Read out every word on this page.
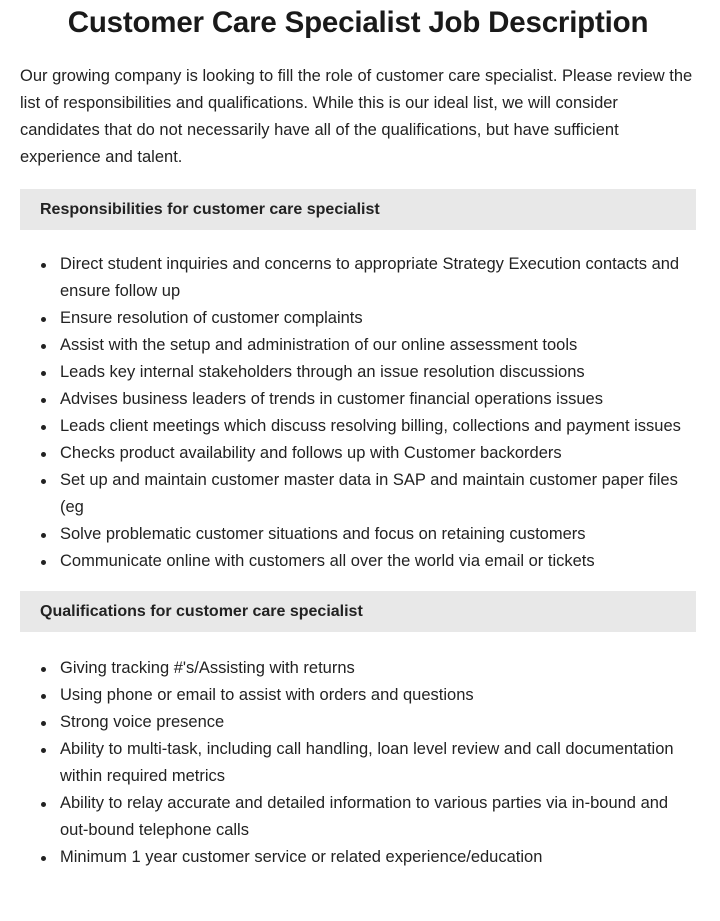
Customer Care Specialist Job Description

Our growing company is looking to fill the role of customer care specialist. Please review the list of responsibilities and qualifications. While this is our ideal list, we will consider candidates that do not necessarily have all of the qualifications, but have sufficient experience and talent.

Responsibilities for customer care specialist
Direct student inquiries and concerns to appropriate Strategy Execution contacts and ensure follow up
Ensure resolution of customer complaints
Assist with the setup and administration of our online assessment tools
Leads key internal stakeholders through an issue resolution discussions
Advises business leaders of trends in customer financial operations issues
Leads client meetings which discuss resolving billing, collections and payment issues
Checks product availability and follows up with Customer backorders
Set up and maintain customer master data in SAP and maintain customer paper files (eg
Solve problematic customer situations and focus on retaining customers
Communicate online with customers all over the world via email or tickets
Qualifications for customer care specialist
Giving tracking #'s/Assisting with returns
Using phone or email to assist with orders and questions
Strong voice presence
Ability to multi-task, including call handling, loan level review and call documentation within required metrics
Ability to relay accurate and detailed information to various parties via in-bound and out-bound telephone calls
Minimum 1 year customer service or related experience/education
